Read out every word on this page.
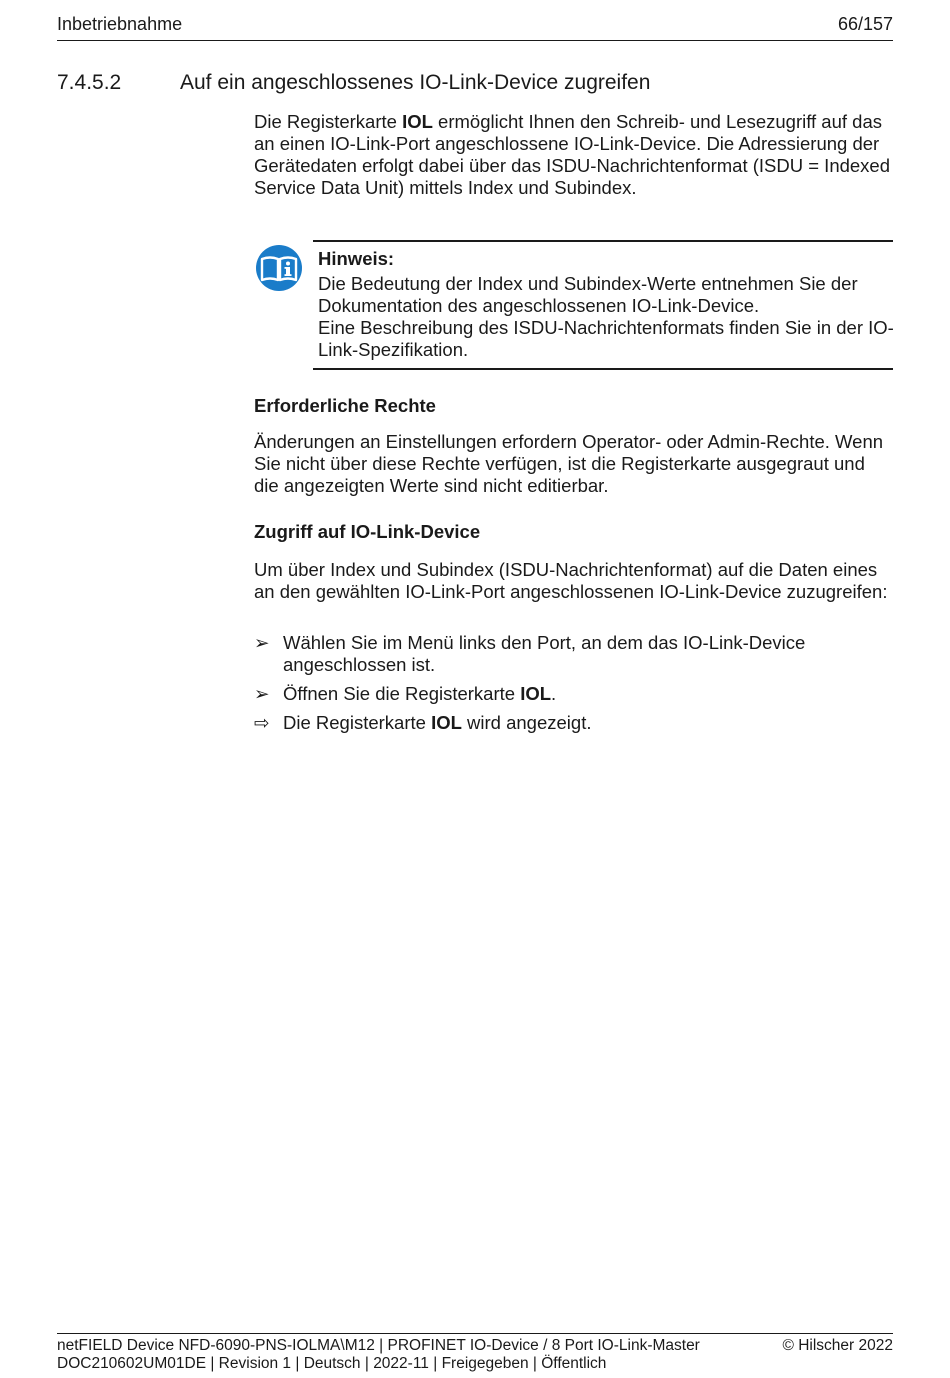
Inbetriebnahme	66/157
7.4.5.2	Auf ein angeschlossenes IO-Link-Device zugreifen

Die Registerkarte IOL ermöglicht Ihnen den Schreib- und Lesezugriff auf das an einen IO-Link-Port angeschlossene IO-Link-Device. Die Adressierung der Gerätedaten erfolgt dabei über das ISDU-Nachrichtenformat (ISDU = Indexed Service Data Unit) mittels Index und Subindex.

Hinweis:
Die Bedeutung der Index und Subindex-Werte entnehmen Sie der Dokumentation des angeschlossenen IO-Link-Device.
Eine Beschreibung des ISDU-Nachrichtenformats finden Sie in der IO-Link-Spezifikation.
Erforderliche Rechte

Änderungen an Einstellungen erfordern Operator- oder Admin-Rechte. Wenn Sie nicht über diese Rechte verfügen, ist die Registerkarte ausgegraut und die angezeigten Werte sind nicht editierbar.

Zugriff auf IO-Link-Device

Um über Index und Subindex (ISDU-Nachrichtenformat) auf die Daten eines an den gewählten IO-Link-Port angeschlossenen IO-Link-Device zuzugreifen:

➢ Wählen Sie im Menü links den Port, an dem das IO-Link-Device angeschlossen ist.
➢ Öffnen Sie die Registerkarte IOL.
⇨ Die Registerkarte IOL wird angezeigt.
netFIELD Device NFD-6090-PNS-IOLMA\M12 | PROFINET IO-Device / 8 Port IO-Link-Master
DOC210602UM01DE | Revision 1 | Deutsch | 2022-11 | Freigegeben | Öffentlich
© Hilscher 2022
